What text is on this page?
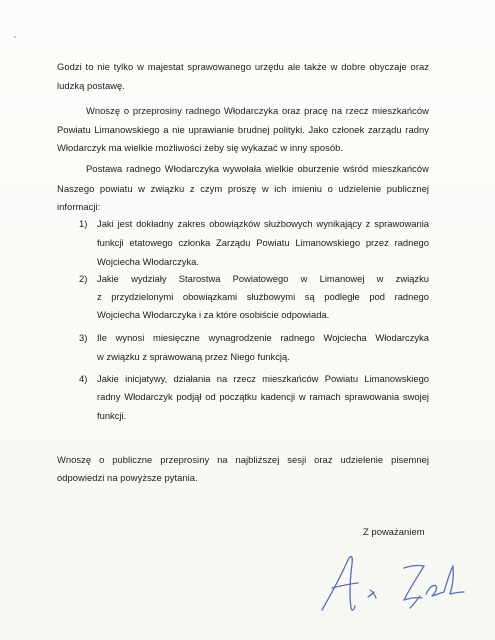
Godzi to nie tylko w majestat sprawowanego urzędu ale także w dobre obyczaje oraz
ludzką postawę.
Wnoszę o przeprosiny radnego Włodarczyka oraz pracę na rzecz mieszkańców
Powiatu Limanowskiego a nie uprawianie brudnej polityki. Jako członek zarządu radny
Włodarczyk ma wielkie możliwości żeby się wykazać w inny sposób.
Postawa radnego Włodarczyka wywołała wielkie oburzenie wśród mieszkańców
Naszego powiatu w związku z czym proszę w ich imieniu o udzielenie publicznej
informacji:
1)	Jaki jest dokładny zakres obowiązków służbowych wynikający z sprawowania
funkcji etatowego członka Zarządu Powiatu Limanowskiego przez radnego
Wojciecha Włodarczyka.
2)	Jakie wydziały Starostwa Powiatowego w Limanowej w związku
z przydzielonymi obowiązkami służbowymi są podległe pod radnego
Wojciecha Włodarczyka i za które osobiście odpowiada.
3)	Ile wynosi miesięczne wynagrodzenie radnego Wojciecha Włodarczyka
w związku z sprawowaną przez Niego funkcją.
4)	Jakie inicjatywy, działania na rzecz mieszkańców Powiatu Limanowskiego
radny Włodarczyk podjął od początku kadencji w ramach sprawowania swojej
funkcji.
Wnoszę o publiczne przeprosiny na najbliższej sesji oraz udzielenie pisemnej
odpowiedzi na powyższe pytania.
Z poważaniem
